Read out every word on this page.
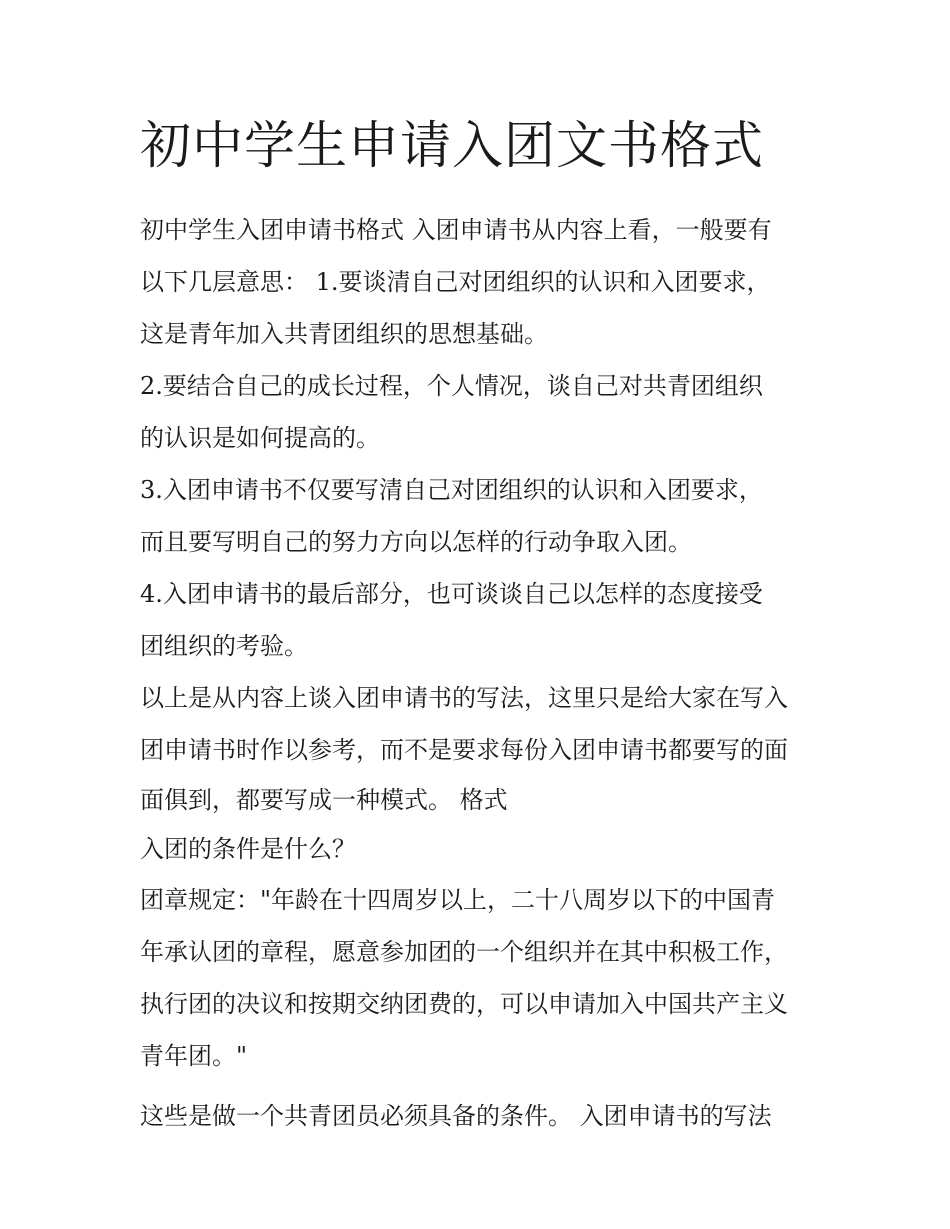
初中学生申请入团文书格式

初中学生入团申请书格式 入团申请书从内容上看，一般要有

以下几层意思： 1.要谈清自己对团组织的认识和入团要求，

这是青年加入共青团组织的思想基础。

2.要结合自己的成长过程，个人情况，谈自己对共青团组织

的认识是如何提高的。

3.入团申请书不仅要写清自己对团组织的认识和入团要求，

而且要写明自己的努力方向以怎样的行动争取入团。

4.入团申请书的最后部分，也可谈谈自己以怎样的态度接受

团组织的考验。

以上是从内容上谈入团申请书的写法，这里只是给大家在写入

团申请书时作以参考，而不是要求每份入团申请书都要写的面

面俱到，都要写成一种模式。 格式

入团的条件是什么？

团章规定："年龄在十四周岁以上，二十八周岁以下的中国青

年承认团的章程，愿意参加团的一个组织并在其中积极工作，

执行团的决议和按期交纳团费的，可以申请加入中国共产主义

青年团。"

这些是做一个共青团员必须具备的条件。 入团申请书的写法
